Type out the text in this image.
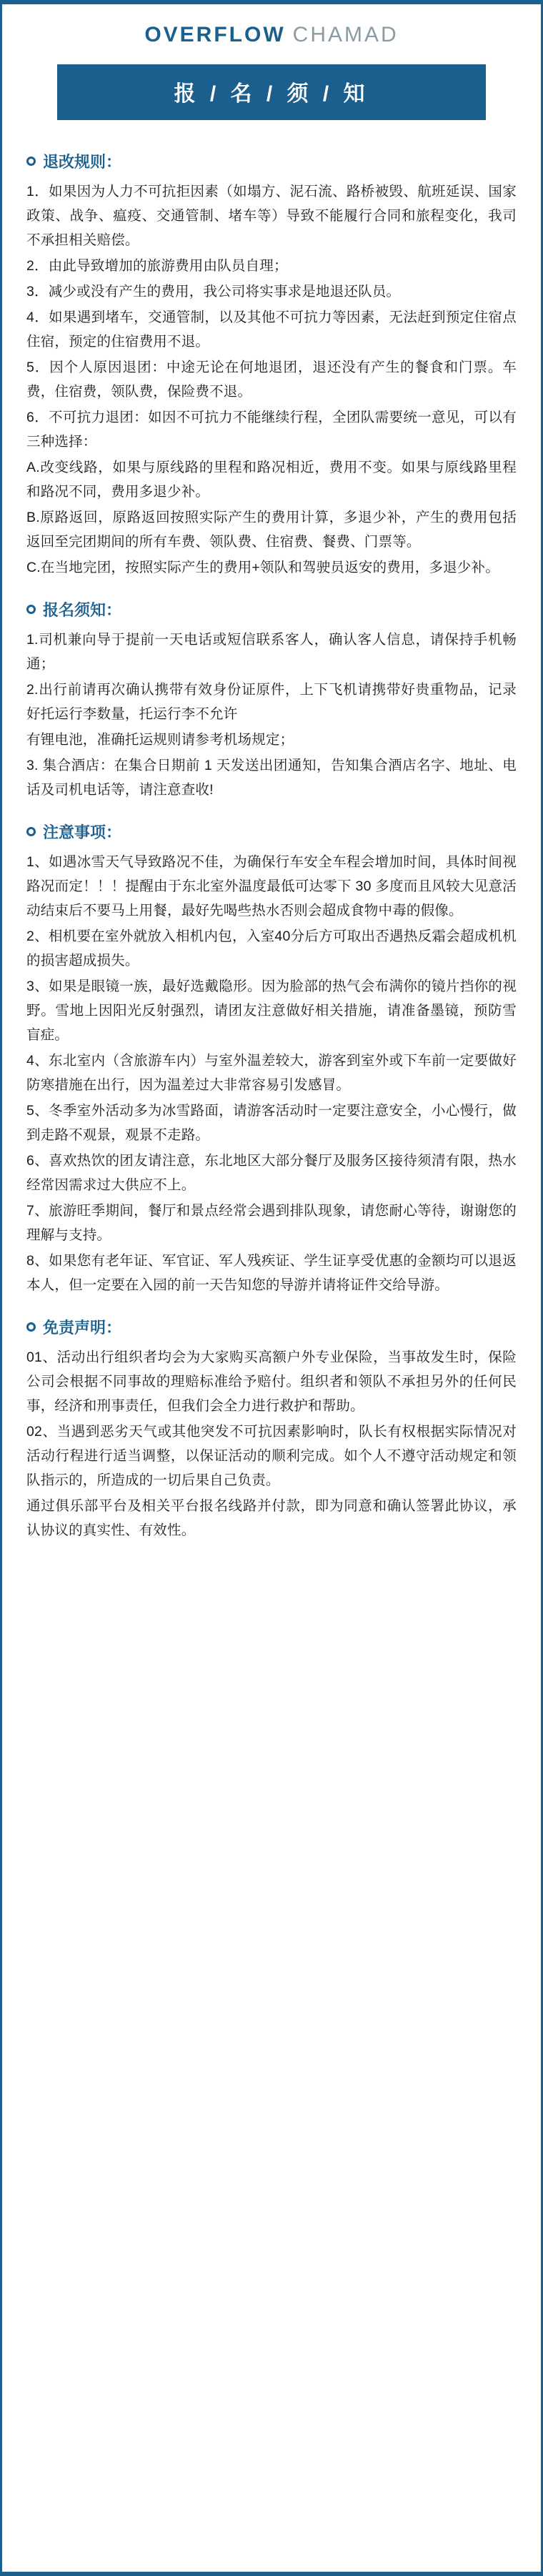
OVERFLOW CHAMAD
报 / 名 / 须 / 知
退改规则：

1．如果因为人力不可抗拒因素（如塌方、泥石流、路桥被毁、航班延误、国家政策、战争、瘟疫、交通管制、堵车等）导致不能履行合同和旅程变化，我司不承担相关赔偿。

2．由此导致增加的旅游费用由队员自理；

3．减少或没有产生的费用，我公司将实事求是地退还队员。

4．如果遇到堵车，交通管制，以及其他不可抗力等因素，无法赶到预定住宿点住宿，预定的住宿费用不退。

5．因个人原因退团：中途无论在何地退团，退还没有产生的餐食和门票。车费，住宿费，领队费，保险费不退。

6．不可抗力退团：如因不可抗力不能继续行程，全团队需要统一意见，可以有三种选择：

A.改变线路，如果与原线路的里程和路况相近，费用不变。如果与原线路里程和路况不同，费用多退少补。

B.原路返回，原路返回按照实际产生的费用计算，多退少补，产生的费用包括返回至完团期间的所有车费、领队费、住宿费、餐费、门票等。

C.在当地完团，按照实际产生的费用+领队和驾驶员返安的费用，多退少补。

报名须知：

1.司机兼向导于提前一天电话或短信联系客人，确认客人信息，请保持手机畅通；

2.出行前请再次确认携带有效身份证原件，上下飞机请携带好贵重物品，记录好托运行李数量，托运行李不允许

有锂电池，准确托运规则请参考机场规定；

3. 集合酒店：在集合日期前 1 天发送出团通知，告知集合酒店名字、地址、电话及司机电话等，请注意查收!

注意事项：

1、如遇冰雪天气导致路况不佳，为确保行车安全车程会增加时间，具体时间视路况而定！！！提醒由于东北室外温度最低可达零下 30 多度而且风较大见意活动结束后不要马上用餐，最好先喝些热水否则会超成食物中毒的假像。

2、相机要在室外就放入相机内包，入室40分后方可取出否遇热反霜会超成机机的损害超成损失。

3、如果是眼镜一族，最好选戴隐形。因为脸部的热气会布满你的镜片挡你的视野。雪地上因阳光反射强烈，请团友注意做好相关措施，请准备墨镜，预防雪盲症。

4、东北室内（含旅游车内）与室外温差较大，游客到室外或下车前一定要做好防寒措施在出行，因为温差过大非常容易引发感冒。

5、冬季室外活动多为冰雪路面，请游客活动时一定要注意安全，小心慢行，做到走路不观景，观景不走路。

6、喜欢热饮的团友请注意，东北地区大部分餐厅及服务区接待须清有限，热水经常因需求过大供应不上。

7、旅游旺季期间，餐厅和景点经常会遇到排队现象，请您耐心等待，谢谢您的理解与支持。

8、如果您有老年证、军官证、军人残疾证、学生证享受优惠的金额均可以退返本人，但一定要在入园的前一天告知您的导游并请将证件交给导游。

免责声明：

01、活动出行组织者均会为大家购买高额户外专业保险，当事故发生时，保险公司会根据不同事故的理赔标准给予赔付。组织者和领队不承担另外的任何民事，经济和刑事责任，但我们会全力进行救护和帮助。

02、当遇到恶劣天气或其他突发不可抗因素影响时，队长有权根据实际情况对活动行程进行适当调整，以保证活动的顺利完成。如个人不遵守活动规定和领队指示的，所造成的一切后果自己负责。

通过俱乐部平台及相关平台报名线路并付款，即为同意和确认签署此协议，承认协议的真实性、有效性。
